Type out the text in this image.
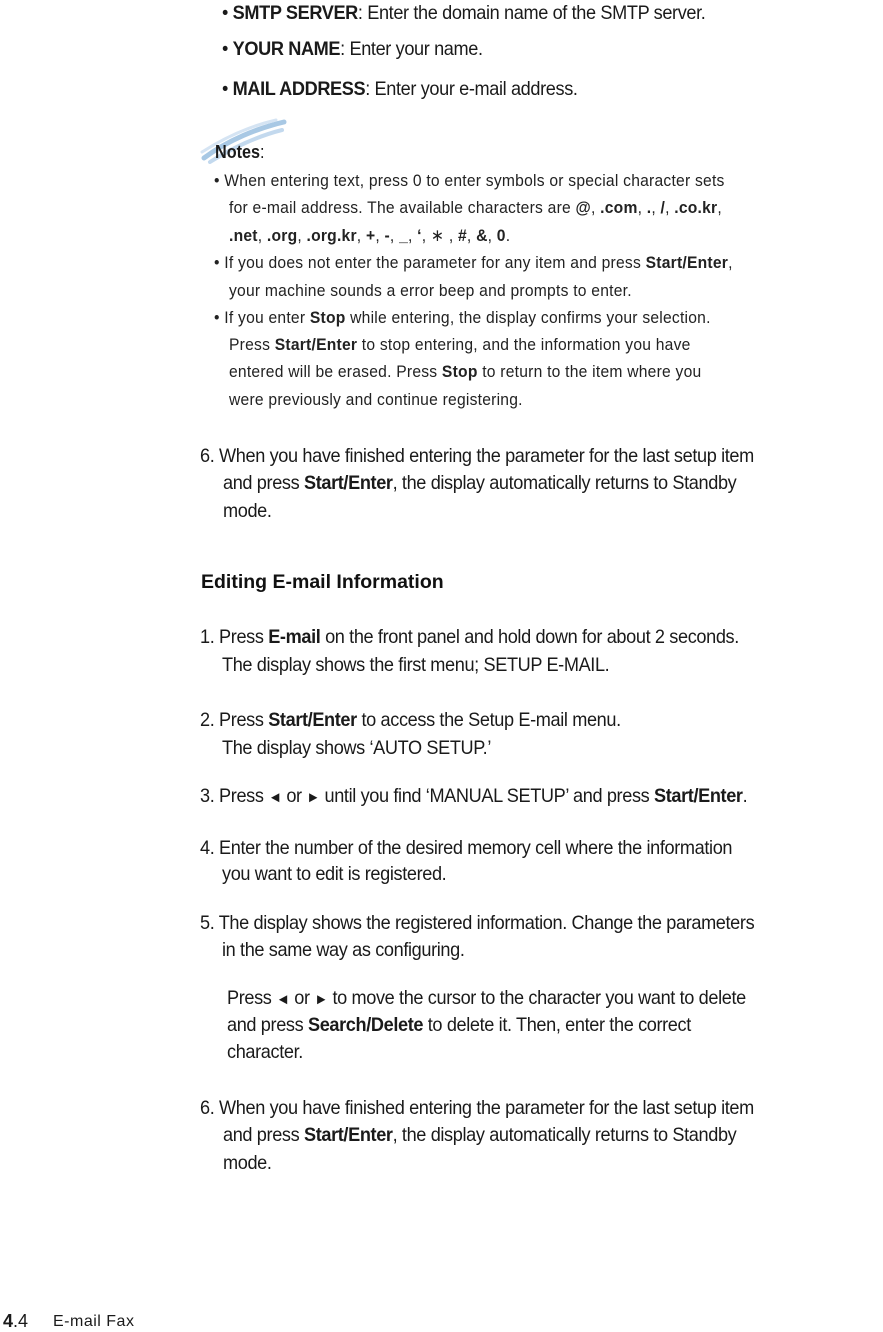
• SMTP SERVER: Enter the domain name of the SMTP server.
• YOUR NAME: Enter your name.
• MAIL ADDRESS: Enter your e-mail address.
Notes:
• When entering text, press 0 to enter symbols or special character sets
for e-mail address. The available characters are @, .com, ., /, .co.kr,
.net, .org, .org.kr, +, -, _, ‘, ∗ , #, &, 0.
• If you does not enter the parameter for any item and press Start/Enter,
your machine sounds a error beep and prompts to enter.
• If you enter Stop while entering, the display confirms your selection.
Press Start/Enter to stop entering, and the information you have
entered will be erased. Press Stop to return to the item where you
were previously and continue registering.
6. When you have finished entering the parameter for the last setup item
and press Start/Enter, the display automatically returns to Standby
mode.
Editing E-mail Information
1. Press E-mail on the front panel and hold down for about 2 seconds.
The display shows the first menu; SETUP E-MAIL.
2. Press Start/Enter to access the Setup E-mail menu.
The display shows ‘AUTO SETUP.’
3. Press ◄ or ► until you find ‘MANUAL SETUP’ and press Start/Enter.
4. Enter the number of the desired memory cell where the information
you want to edit is registered.
5. The display shows the registered information. Change the parameters
in the same way as configuring.
Press ◄ or ► to move the cursor to the character you want to delete
and press Search/Delete to delete it. Then, enter the correct
character.
6. When you have finished entering the parameter for the last setup item
and press Start/Enter, the display automatically returns to Standby
mode.
4.4 E-mail Fax
